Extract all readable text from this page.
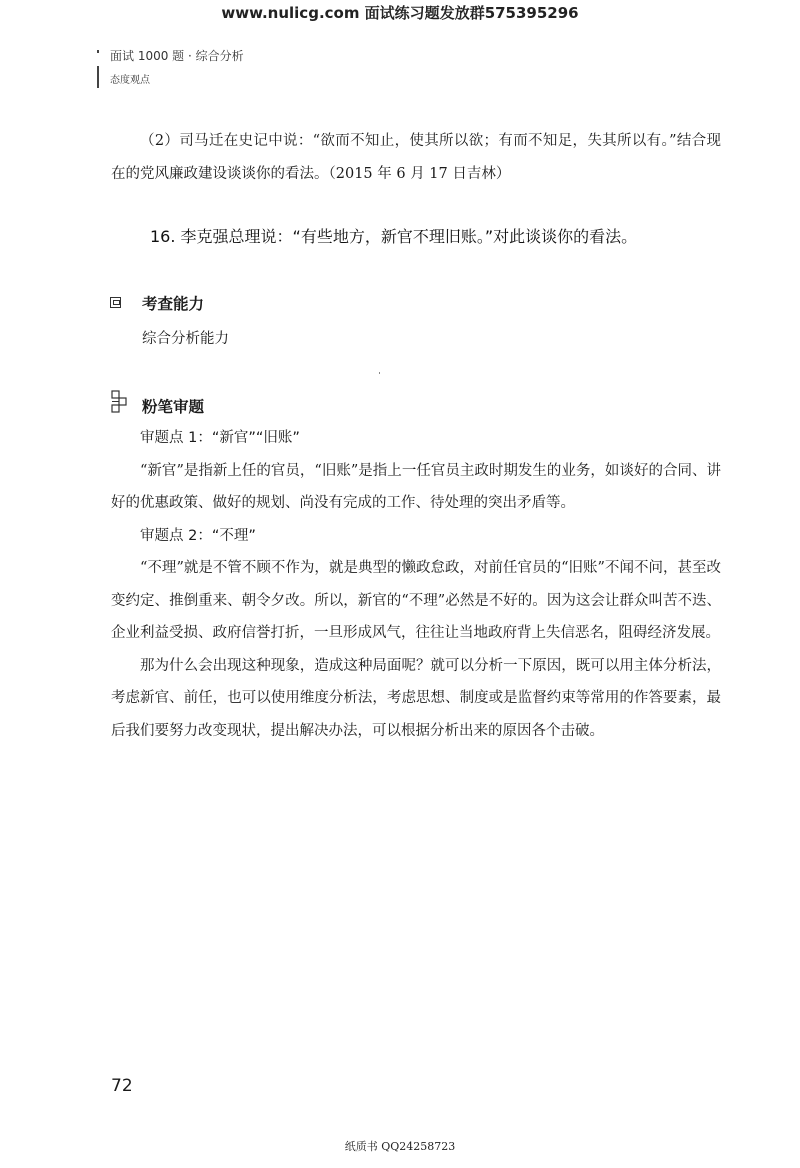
www.nulicg.com 面试练习题发放群575395296
面试 1000 题 · 综合分析
态度观点

（2）司马迁在史记中说：“欲而不知止，使其所以欲；有而不知足，失其所以有。”结合现在的党风廉政建设谈谈你的看法。（2015 年 6 月 17 日吉林）

16. 李克强总理说：“有些地方，新官不理旧账。”对此谈谈你的看法。

考查能力
综合分析能力
粉笔审题

审题点 1：“新官”“旧账”

“新官”是指新上任的官员，“旧账”是指上一任官员主政时期发生的业务，如谈好的合同、讲好的优惠政策、做好的规划、尚没有完成的工作、待处理的突出矛盾等。

审题点 2：“不理”

“不理”就是不管不顾不作为，就是典型的懒政怠政，对前任官员的“旧账”不闻不问，甚至改变约定、推倒重来、朝令夕改。所以，新官的“不理”必然是不好的。因为这会让群众叫苦不迭、企业利益受损、政府信誉打折，一旦形成风气，往往让当地政府背上失信恶名，阻碍经济发展。

那为什么会出现这种现象，造成这种局面呢？就可以分析一下原因，既可以用主体分析法，考虑新官、前任，也可以使用维度分析法，考虑思想、制度或是监督约束等常用的作答要素，最后我们要努力改变现状，提出解决办法，可以根据分析出来的原因各个击破。

72
纸质书 QQ24258723
